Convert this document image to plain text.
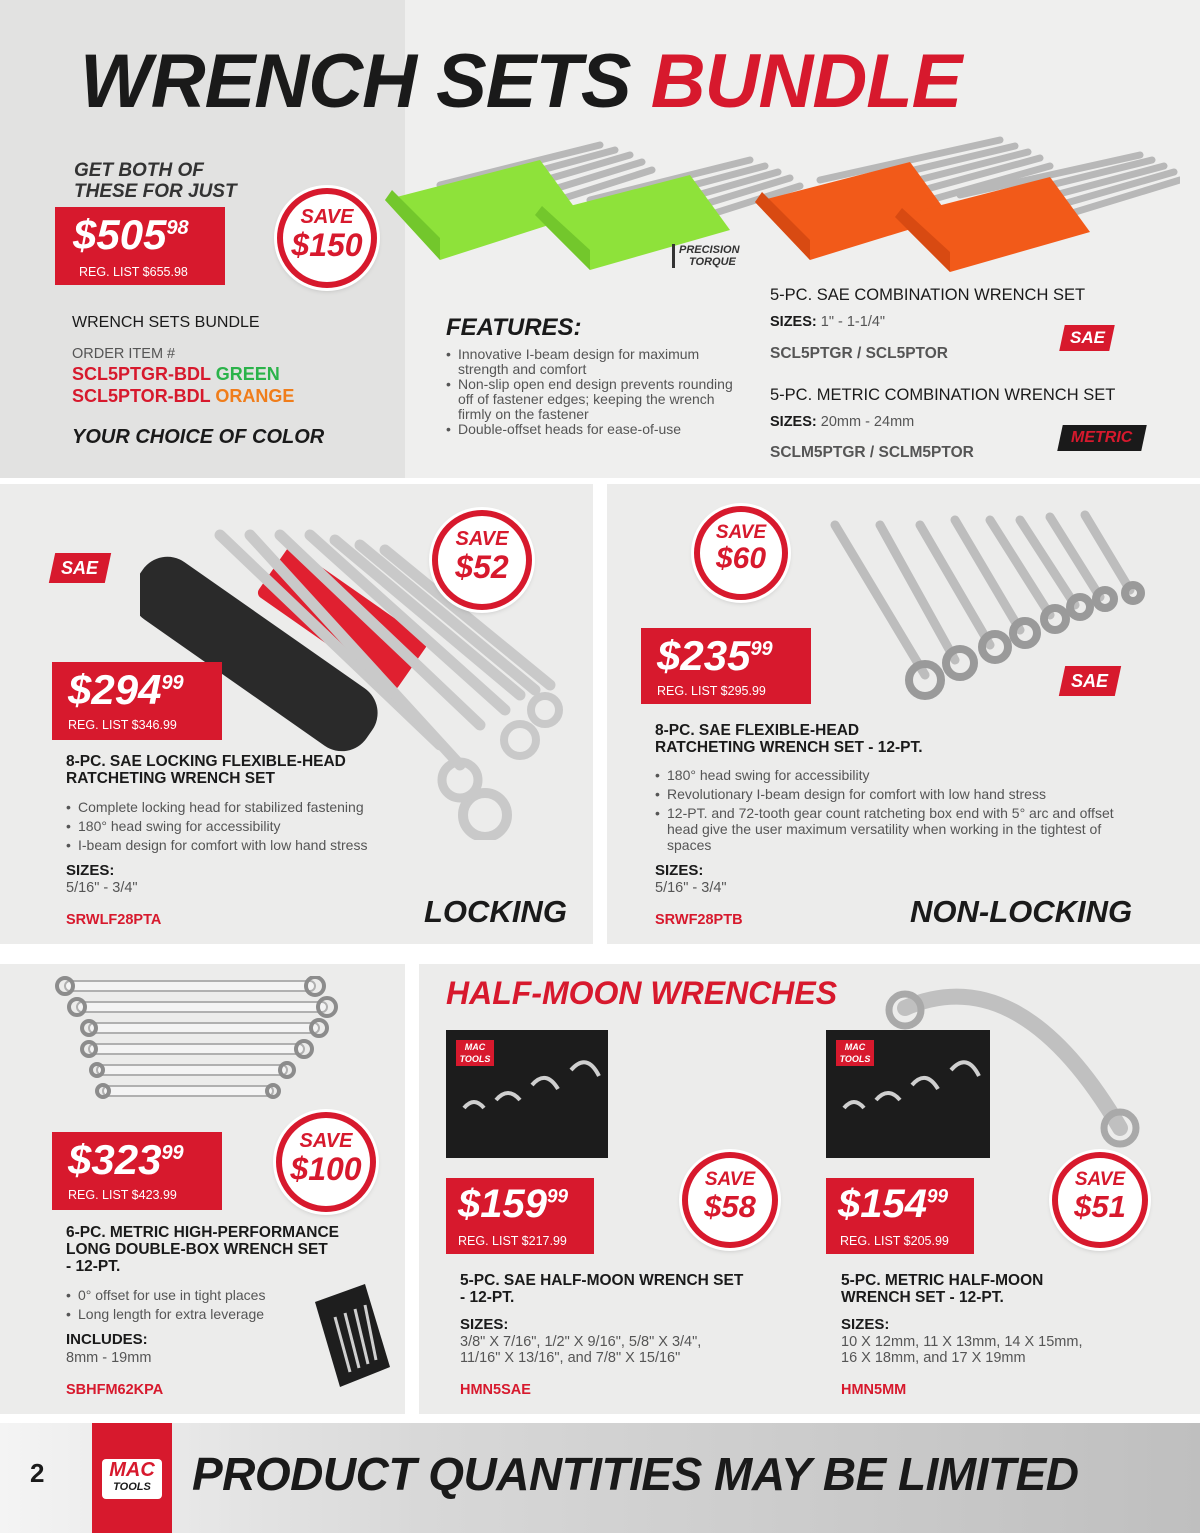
WRENCH SETS BUNDLE
GET BOTH OF
THESE FOR JUST
$\$505^{98}$
REG. LIST $655.98
SAVE
$150	PRECISION
TORQUE
WRENCH SETS BUNDLE
ORDER ITEM #
SCL5PTGR-BDL GREEN
SCL5PTOR-BDL ORANGE
YOUR CHOICE OF COLOR
FEATURES:
• Innovative I-beam design for maximum strength and comfort
• Non-slip open end design prevents rounding off of fastener edges; keeping the wrench firmly on the fastener
• Double-offset heads for ease-of-use
5-PC. SAE COMBINATION WRENCH SET
SIZES: 1" - 1-1/4"
SCL5PTGR / SCL5PTOR
SAE
5-PC. METRIC COMBINATION WRENCH SET
SIZES: 20mm - 24mm
SCLM5PTGR / SCLM5PTOR
METRIC
SAE
SAVE
$52
$\$294^{99}$
REG. LIST $346.99
8-PC. SAE LOCKING FLEXIBLE-HEAD
RATCHETING WRENCH SET
• Complete locking head for stabilized fastening
• 180° head swing for accessibility
• I-beam design for comfort with low hand stress
SIZES:
5/16" - 3/4"
SRWLF28PTA	LOCKING
SAVE
$60
$\$235^{99}$
REG. LIST $295.99	SAE
8-PC. SAE FLEXIBLE-HEAD
RATCHETING WRENCH SET - 12-PT.
• 180° head swing for accessibility
• Revolutionary I-beam design for comfort with low hand stress
• 12-PT. and 72-tooth gear count ratcheting box end with 5° arc and offset head give the user maximum versatility when working in the tightest of spaces
SIZES:
5/16" - 3/4"
SRWF28PTB	NON-LOCKING
SAVE
$100
$\$323^{99}$
REG. LIST $423.99
6-PC. METRIC HIGH-PERFORMANCE
LONG DOUBLE-BOX WRENCH SET
- 12-PT.
• 0° offset for use in tight places
• Long length for extra leverage
INCLUDES:
8mm - 19mm
SBHFM62KPA
HALF-MOON WRENCHES
MAC
TOOLS
MAC
TOOLS
SAVE
$58
$\$159^{99}$
REG. LIST $217.99
5-PC. SAE HALF-MOON WRENCH SET
- 12-PT.
SIZES:
3/8" X 7/16", 1/2" X 9/16", 5/8" X 3/4",
11/16" X 13/16", and 7/8" X 15/16"
HMN5SAE
SAVE
$51
$\$154^{99}$
REG. LIST $205.99
5-PC. METRIC HALF-MOON
WRENCH SET - 12-PT.
SIZES:
10 X 12mm, 11 X 13mm, 14 X 15mm,
16 X 18mm, and 17 X 19mm
HMN5MM
2	MAC
TOOLS PRODUCT QUANTITIES MAY BE LIMITED
